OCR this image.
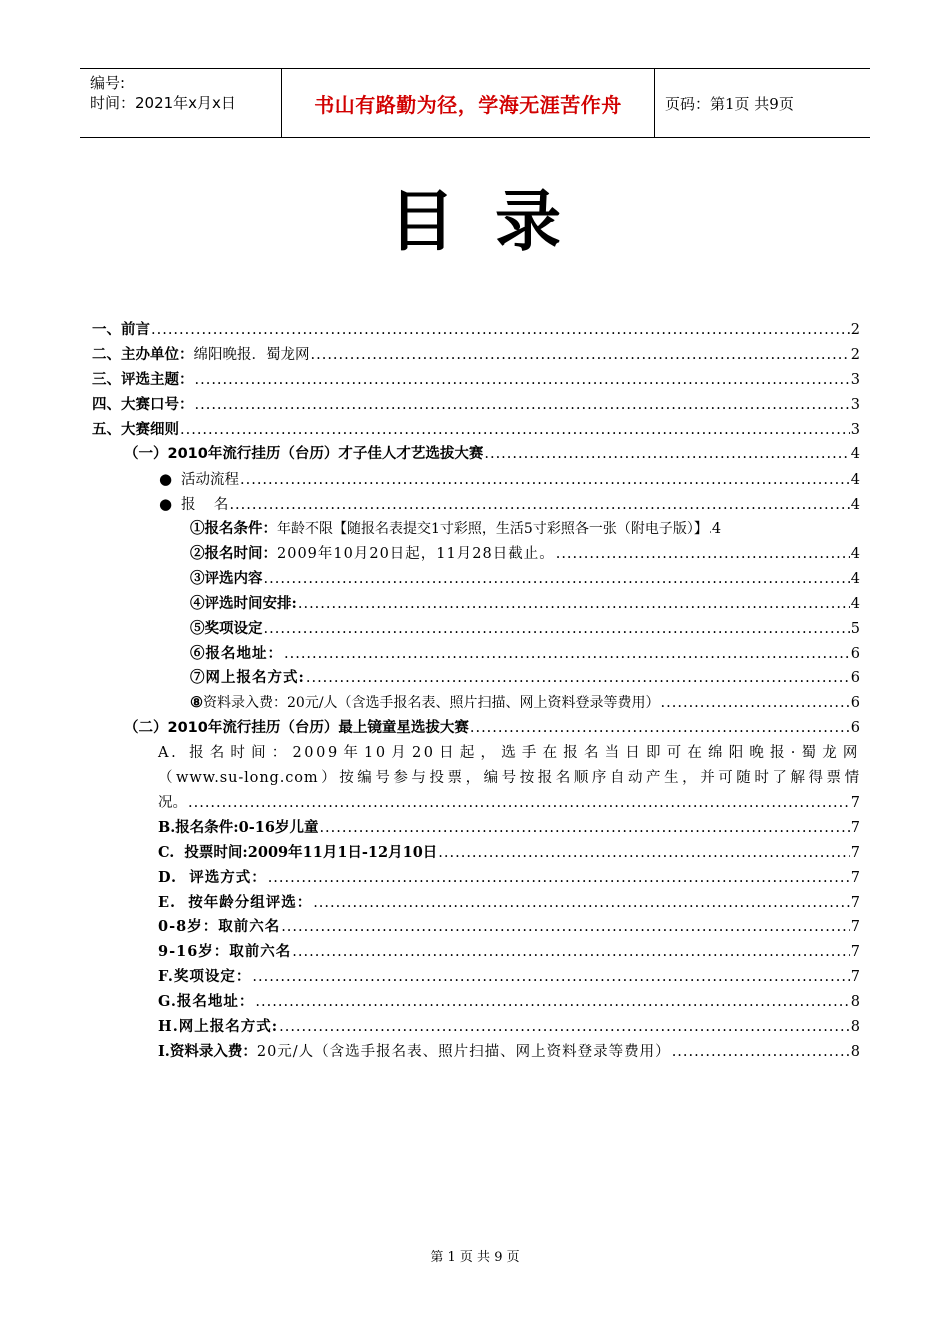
编号:
时间：2021年x月x日	书山有路勤为径，学海无涯苦作舟	页码：第1页 共9页
目录
一、前言 .....	2
二、主办单位：绵阳晚报．蜀龙网 .....	2
三、评选主题： .....	3
四、大赛口号： .....	3
五、大赛细则 .....	3
（一）2010年流行挂历（台历）才子佳人才艺选拔大赛 .....	4
● 活动流程 .....	4
● 报    名 .....	4
①报名条件：年龄不限【随报名表提交1寸彩照，生活5寸彩照各一张（附电子版）】 ..... 4
②报名时间：2009年10月20日起，11月28日截止。 .....	4
③评选内容 .....	4
④评选时间安排: .....	4
⑤奖项设定 .....	5
⑥报名地址： .....	6
⑦网上报名方式: .....	6
⑧资料录入费：20元/人（含选手报名表、照片扫描、网上资料登录等费用） .....	6
（二）2010年流行挂历（台历）最上镜童星选拔大赛 .....	6
A. 报名时间：2009年10月20日起，选手在报名当日即可在绵阳晚报·蜀龙网
（www.su-long.com）按编号参与投票，编号按报名顺序自动产生，并可随时了解得票情
况。 .....	7
B.报名条件:0-16岁儿童 .....	7
C.  投票时间:2009年11月1日-12月10日 .....	7
D.  评选方式： .....	7
E.  按年龄分组评选： .....	7
0-8岁：取前六名 .....	7
9-16岁：取前六名 .....	7
F.奖项设定： .....	7
G.报名地址： .....	8
H.网上报名方式: .....	8
I.资料录入费：20元/人（含选手报名表、照片扫描、网上资料登录等费用） .....	8
第 1 页 共 9 页
